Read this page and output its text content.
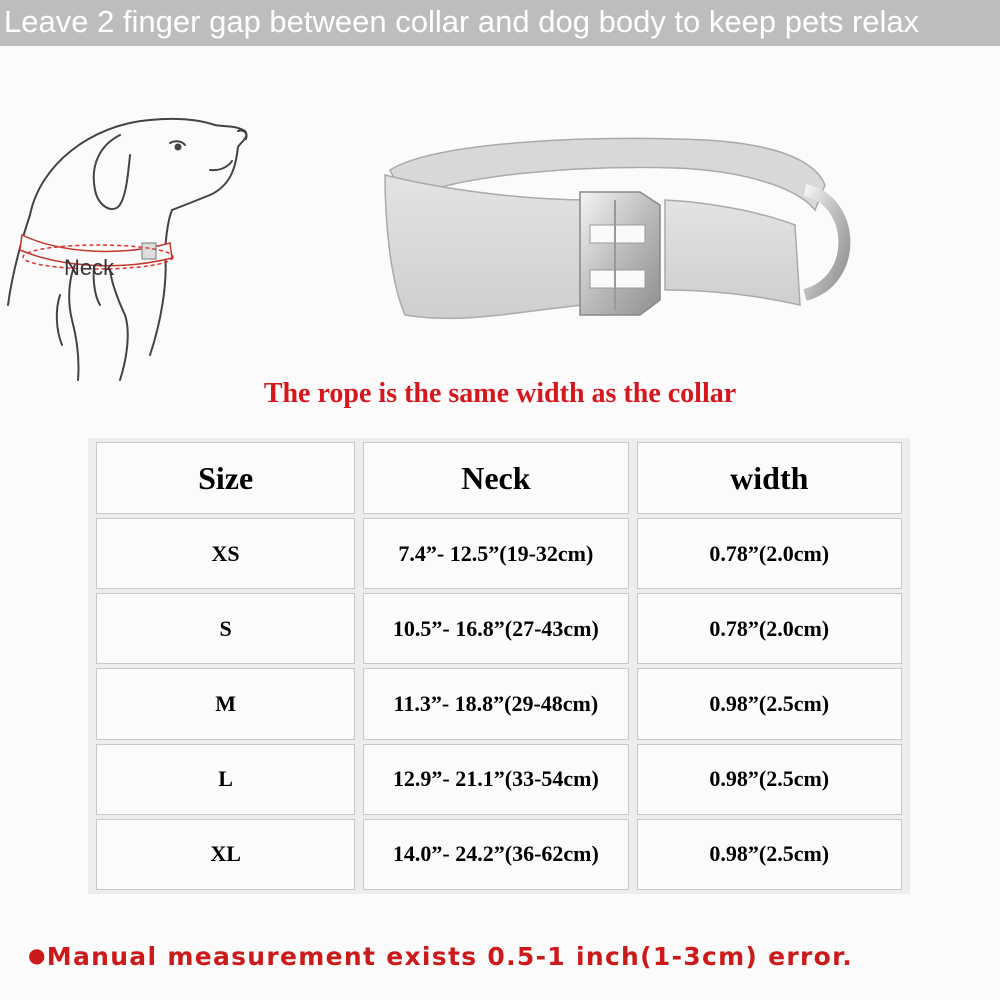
Leave 2 finger gap between collar and dog body to keep pets relax
Neck
The rope is the same width as the collar
Size	Neck	width
XS	7.4”- 12.5”(19-32cm)	0.78”(2.0cm)
S	10.5”- 16.8”(27-43cm)	0.78”(2.0cm)
M	11.3”- 18.8”(29-48cm)	0.98”(2.5cm)
L	12.9”- 21.1”(33-54cm)	0.98”(2.5cm)
XL	14.0”- 24.2”(36-62cm)	0.98”(2.5cm)
●Manual measurement exists 0.5-1 inch(1-3cm) error.
